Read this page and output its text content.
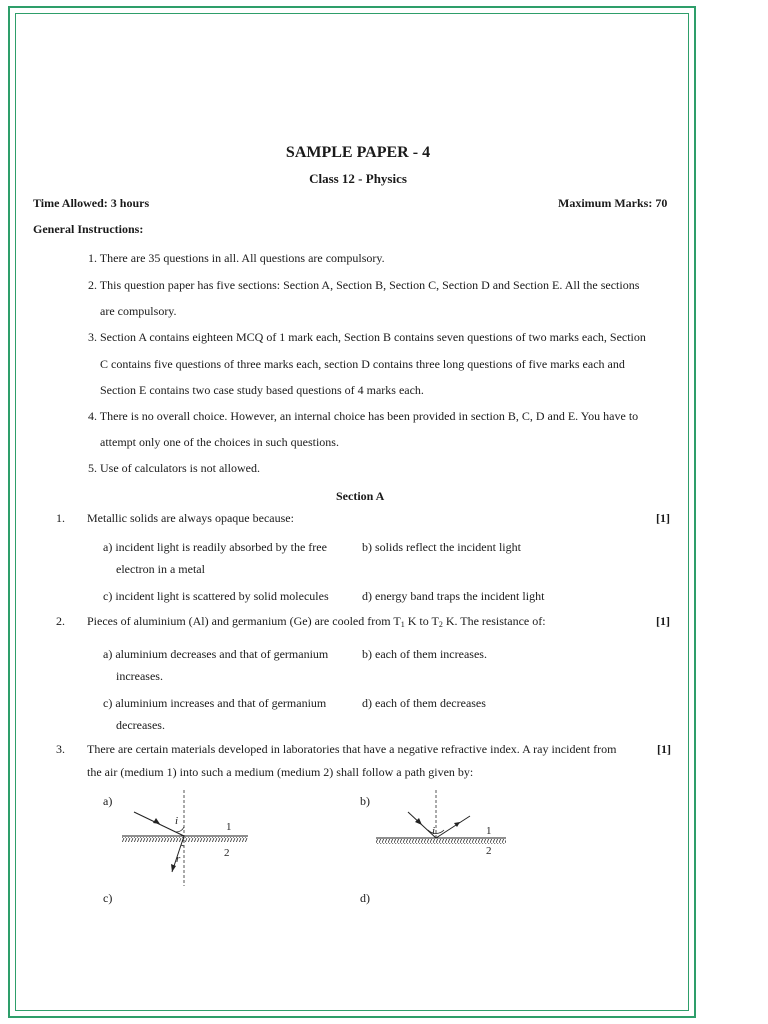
SAMPLE PAPER - 4
Class 12 - Physics
Time Allowed: 3 hours	Maximum Marks: 70
General Instructions:
1. There are 35 questions in all. All questions are compulsory.
2. This question paper has five sections: Section A, Section B, Section C, Section D and Section E. All the sections
are compulsory.
3. Section A contains eighteen MCQ of 1 mark each, Section B contains seven questions of two marks each, Section
C contains five questions of three marks each, section D contains three long questions of five marks each and
Section E contains two case study based questions of 4 marks each.
4. There is no overall choice. However, an internal choice has been provided in section B, C, D and E. You have to
attempt only one of the choices in such questions.
5. Use of calculators is not allowed.
Section A
1. Metallic solids are always opaque because:	[1]
a) incident light is readily absorbed by the free
electron in a metal
b) solids reflect the incident light
c) incident light is scattered by solid molecules	d) energy band traps the incident light
2. Pieces of aluminium (Al) and germanium (Ge) are cooled from $T_1$ K to $T_2$ K. The resistance of:	[1]
a) aluminium decreases and that of germanium
increases.
b) each of them increases.
c) aluminium increases and that of germanium
decreases.
d) each of them decreases
3. There are certain materials developed in laboratories that have a negative refractive index. A ray incident from
the air (medium 1) into such a medium (medium 2) shall follow a path given by:
[1]
a)	b)
c)	d)
i
r
1
2
i	1
2
